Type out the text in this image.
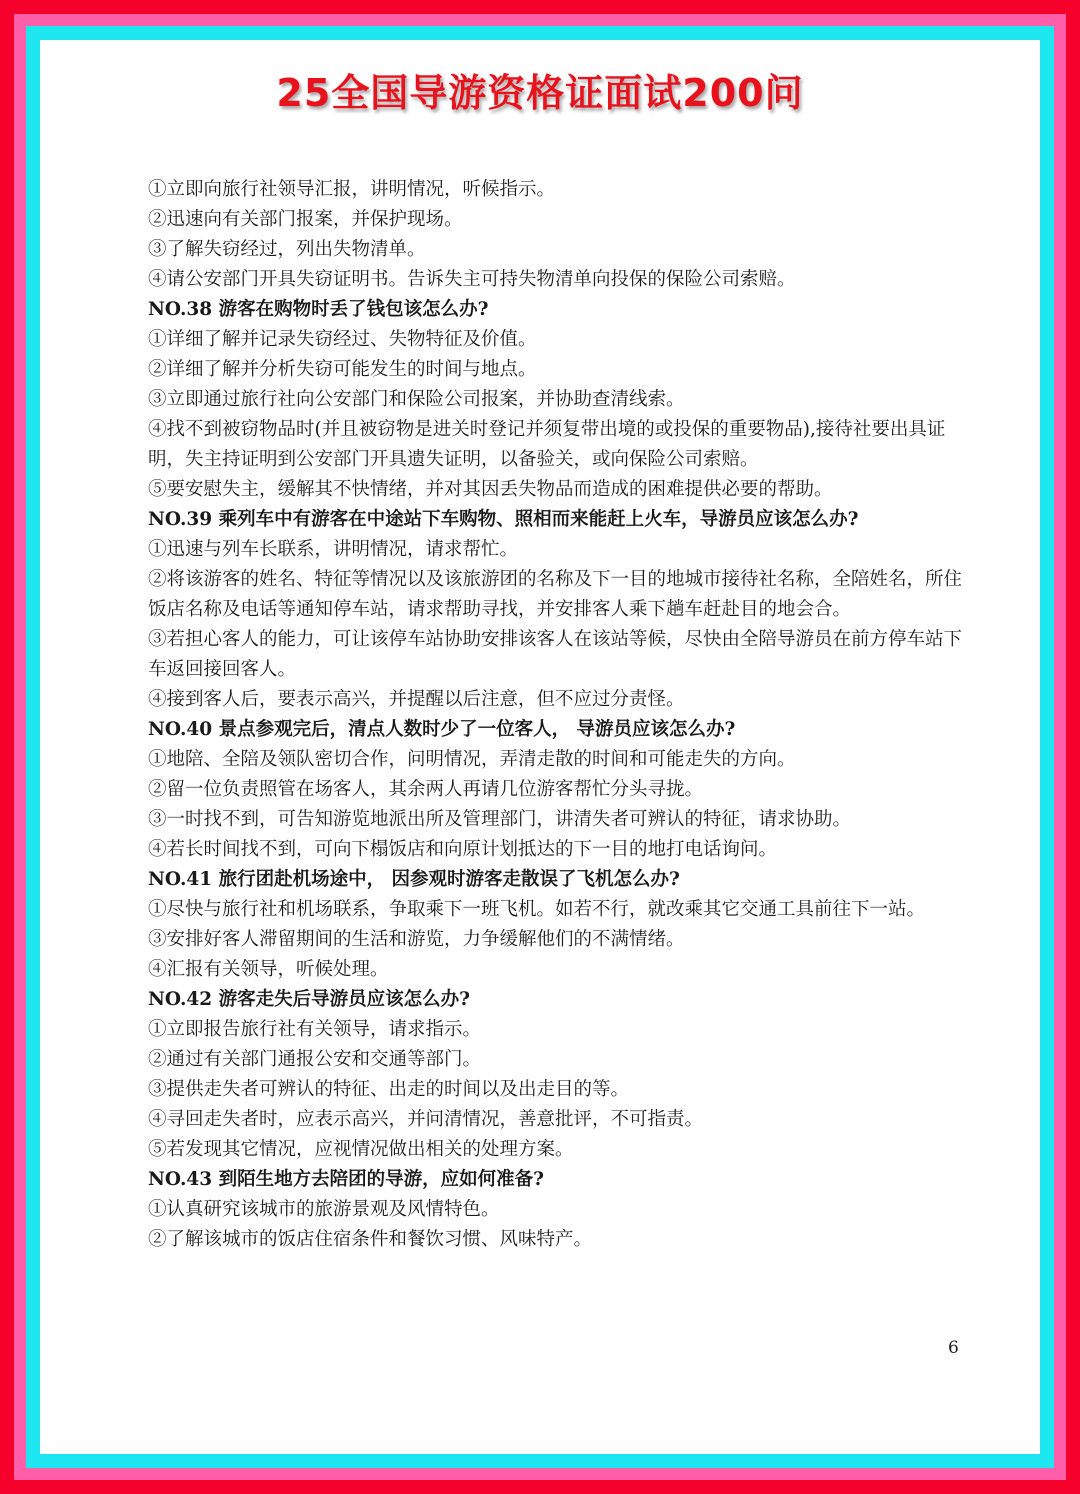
25全国导游资格证面试200问

①立即向旅行社领导汇报，讲明情况，听候指示。

②迅速向有关部门报案，并保护现场。

③了解失窃经过，列出失物清单。

④请公安部门开具失窃证明书。告诉失主可持失物清单向投保的保险公司索赔。

NO.38 游客在购物时丢了钱包该怎么办?

①详细了解并记录失窃经过、失物特征及价值。

②详细了解并分析失窃可能发生的时间与地点。

③立即通过旅行社向公安部门和保险公司报案，并协助查清线索。

④找不到被窃物品时(并且被窃物是进关时登记并须复带出境的或投保的重要物品),接待社要出具证明，失主持证明到公安部门开具遗失证明，以备验关，或向保险公司索赔。

⑤要安慰失主，缓解其不快情绪，并对其因丢失物品而造成的困难提供必要的帮助。

NO.39 乘列车中有游客在中途站下车购物、照相而来能赶上火车，导游员应该怎么办?

①迅速与列车长联系，讲明情况，请求帮忙。

②将该游客的姓名、特征等情况以及该旅游团的名称及下一目的地城市接待社名称，全陪姓名，所住饭店名称及电话等通知停车站，请求帮助寻找，并安排客人乘下趟车赶赴目的地会合。

③若担心客人的能力，可让该停车站协助安排该客人在该站等候，尽快由全陪导游员在前方停车站下车返回接回客人。

④接到客人后，要表示高兴，并提醒以后注意，但不应过分责怪。

NO.40 景点参观完后，清点人数时少了一位客人， 导游员应该怎么办?

①地陪、全陪及领队密切合作，问明情况，弄清走散的时间和可能走失的方向。

②留一位负责照管在场客人，其余两人再请几位游客帮忙分头寻拢。

③一时找不到，可告知游览地派出所及管理部门，讲清失者可辨认的特征，请求协助。

④若长时间找不到，可向下榻饭店和向原计划抵达的下一目的地打电话询问。

NO.41 旅行团赴机场途中， 因参观时游客走散误了飞机怎么办?

①尽快与旅行社和机场联系，争取乘下一班飞机。如若不行，就改乘其它交通工具前往下一站。

③安排好客人滞留期间的生活和游览，力争缓解他们的不满情绪。

④汇报有关领导，听候处理。

NO.42 游客走失后导游员应该怎么办?

①立即报告旅行社有关领导，请求指示。

②通过有关部门通报公安和交通等部门。

③提供走失者可辨认的特征、出走的时间以及出走目的等。

④寻回走失者时，应表示高兴，并问清情况，善意批评，不可指责。

⑤若发现其它情况，应视情况做出相关的处理方案。

NO.43 到陌生地方去陪团的导游，应如何准备?

①认真研究该城市的旅游景观及风情特色。

②了解该城市的饭店住宿条件和餐饮习惯、风味特产。

6
